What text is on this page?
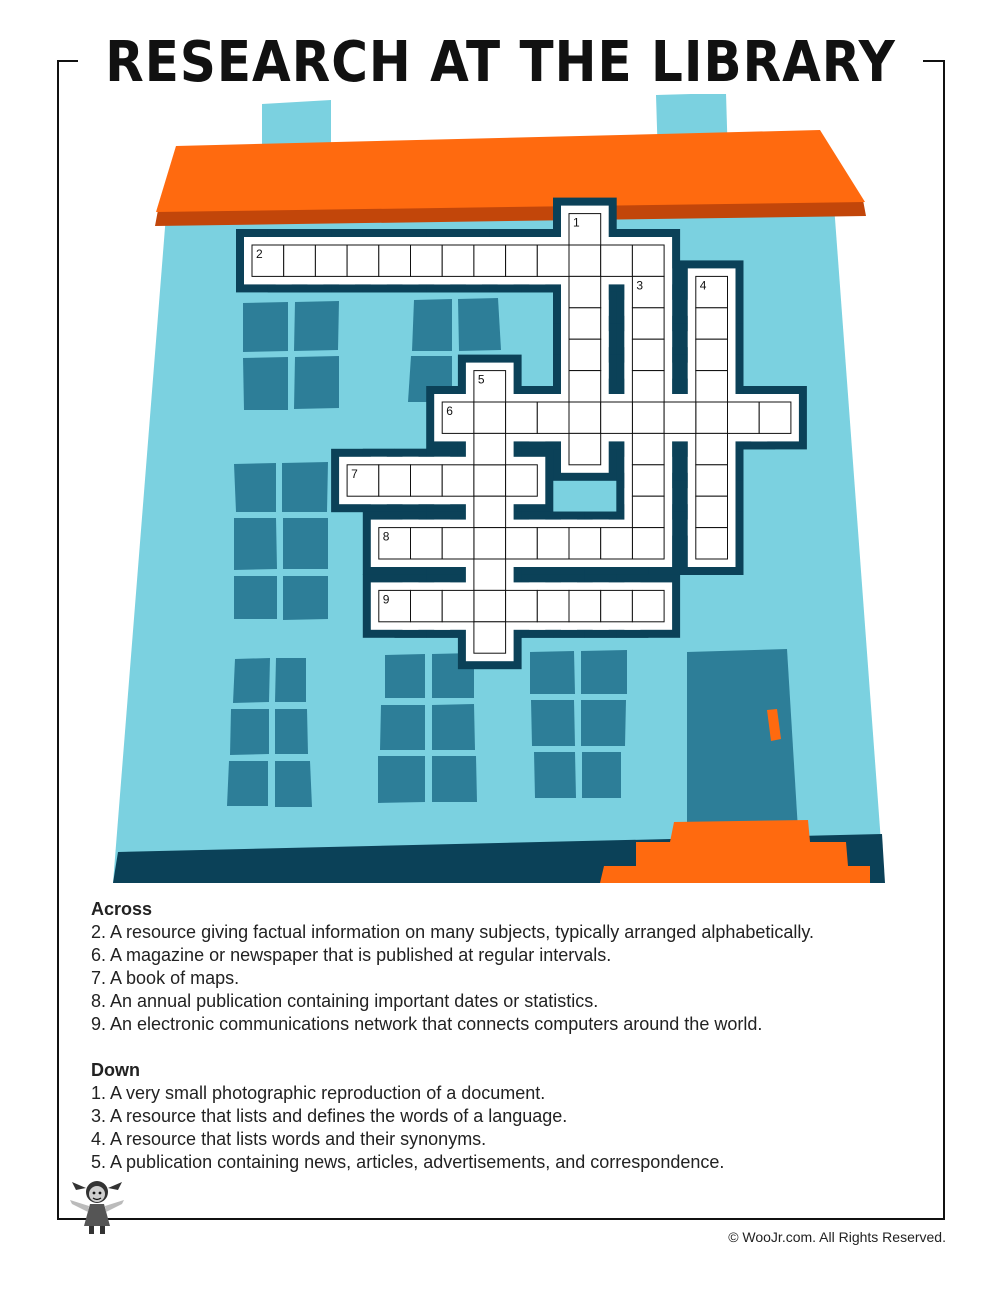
1
2
3	4
5
6
7
8
9
RESEARCH AT THE LIBRARY
Across
2. A resource giving factual information on many subjects, typically arranged alphabetically.
6. A magazine or newspaper that is published at regular intervals.
7. A book of maps.
8. An annual publication containing important dates or statistics.
9. An electronic communications network that connects computers around the world.
Down
1. A very small photographic reproduction of a document.
3. A resource that lists and defines the words of a language.
4. A resource that lists words and their synonyms.
5. A publication containing news, articles, advertisements, and correspondence.
© WooJr.com. All Rights Reserved.
